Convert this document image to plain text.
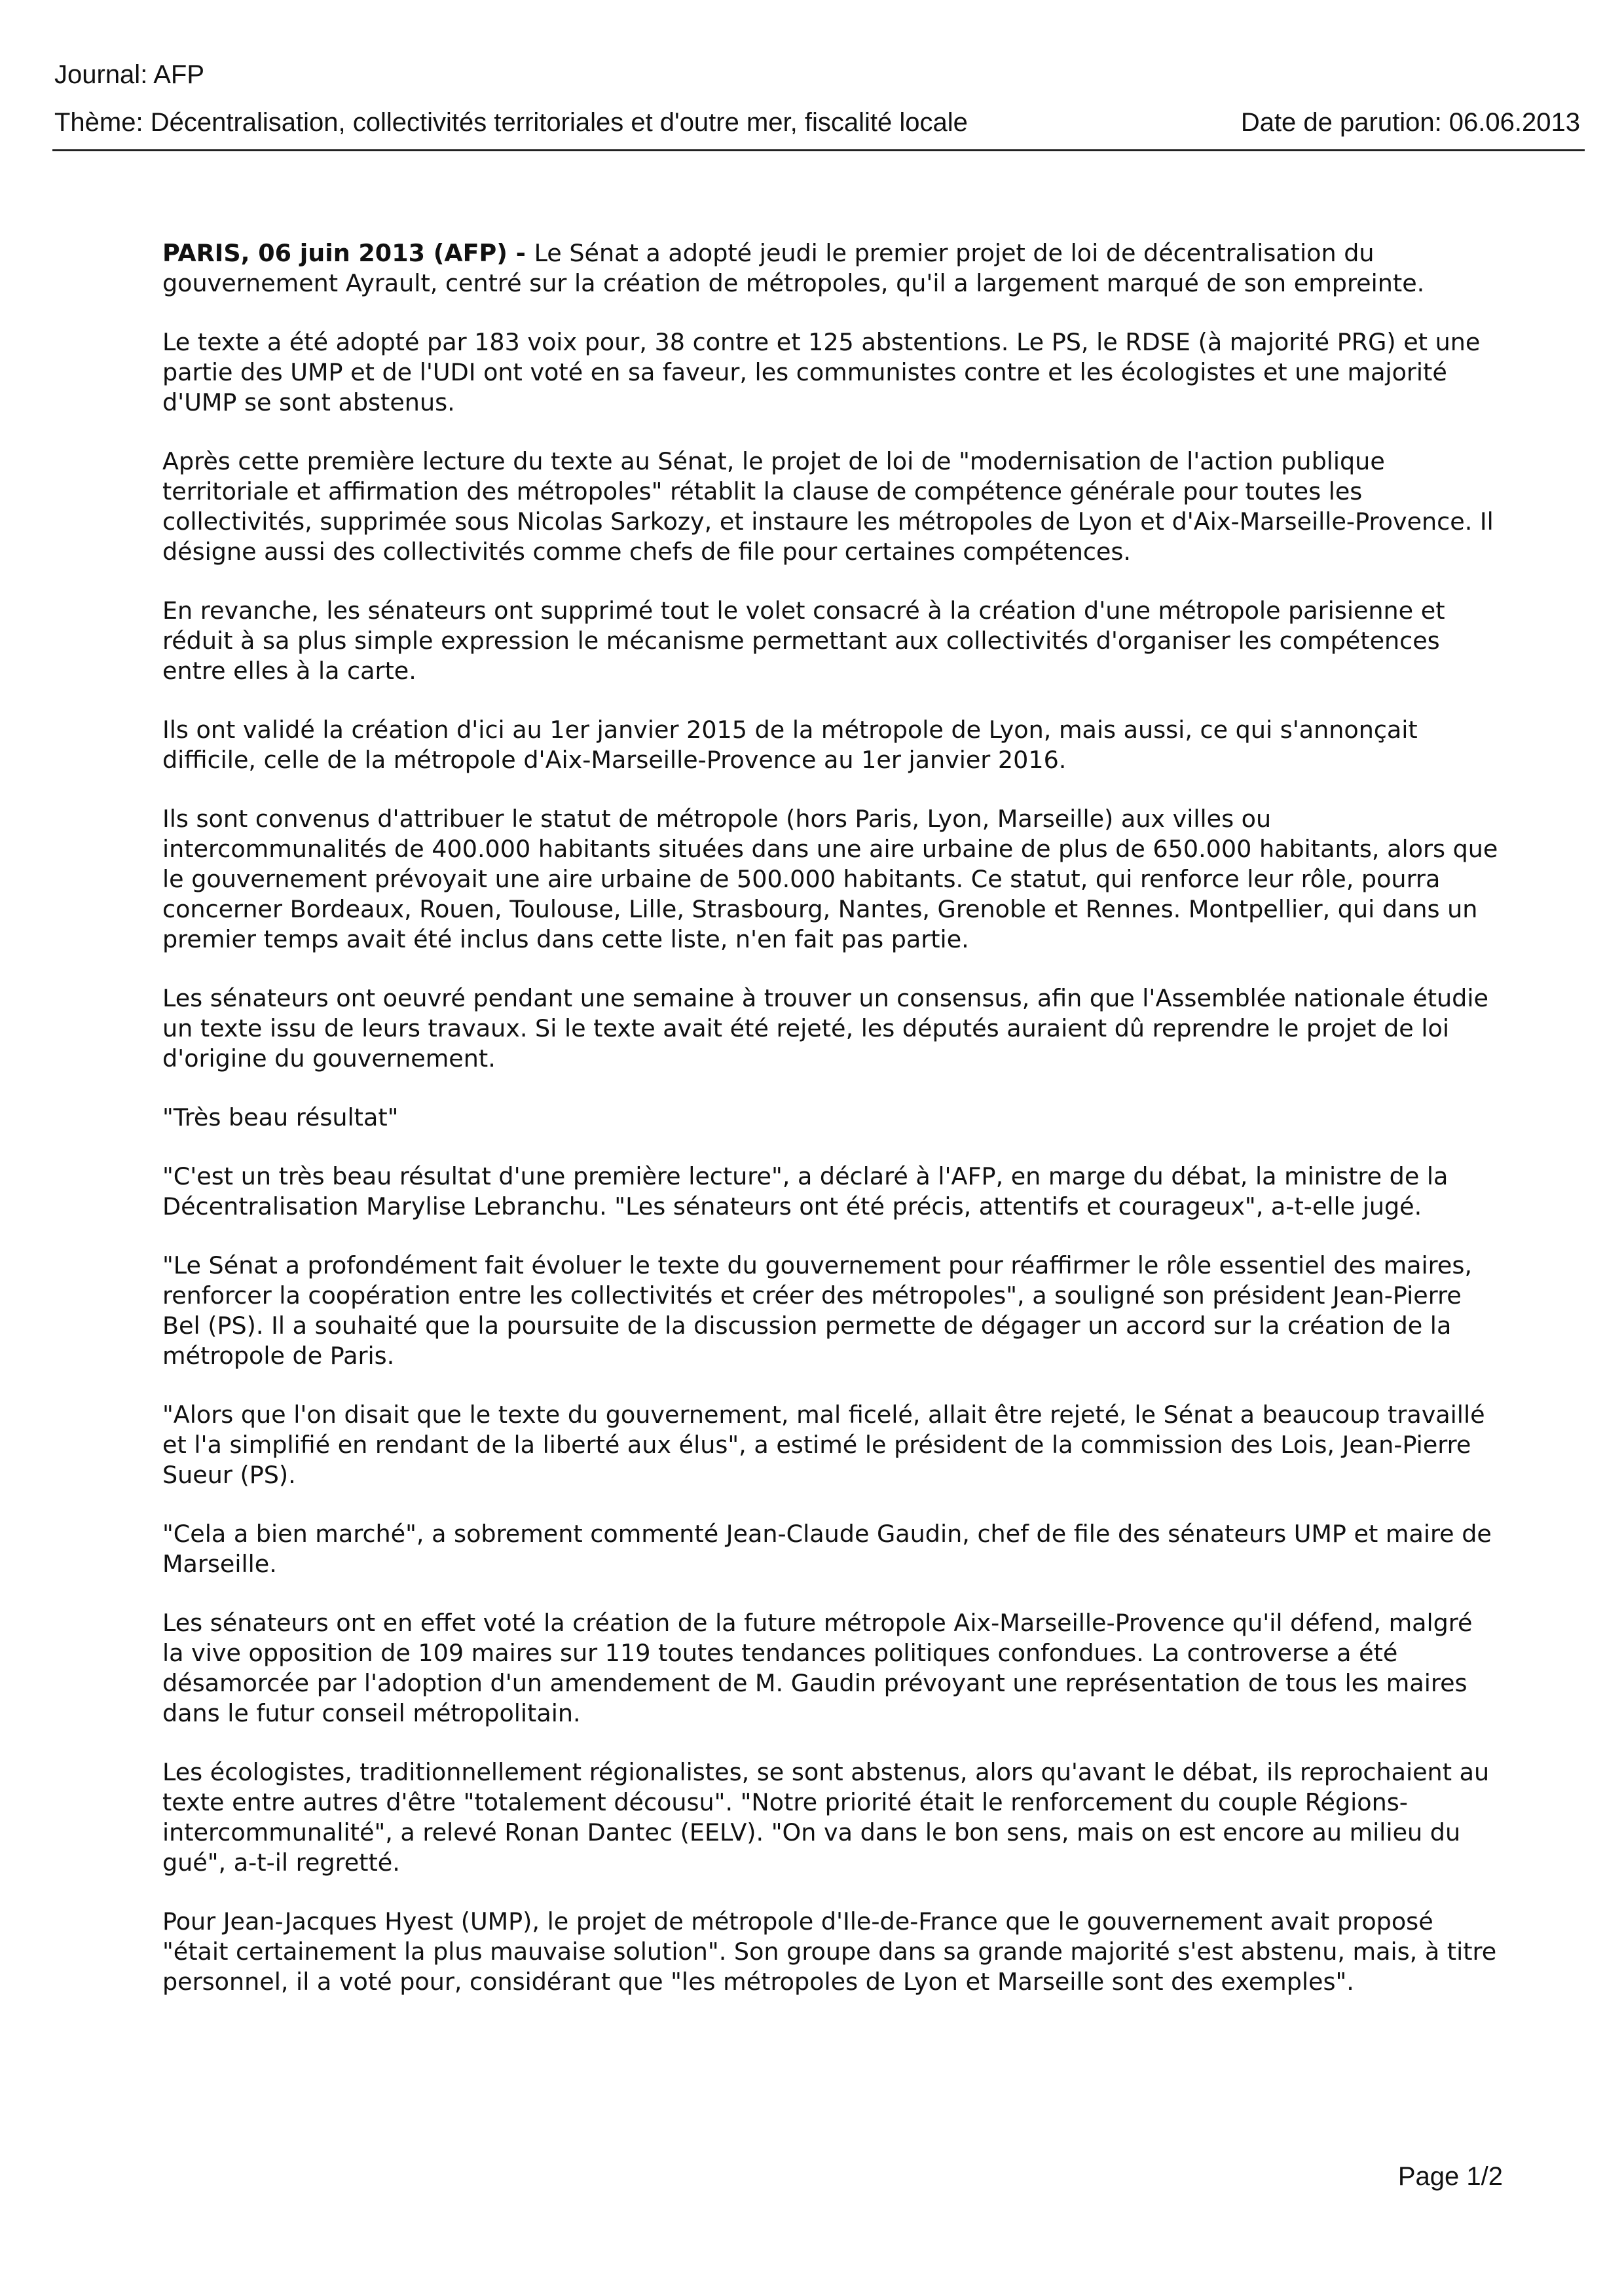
Journal: AFP
Thème: Décentralisation, collectivités territoriales et d'outre mer, fiscalité locale	Date de parution: 06.06.2013

PARIS, 06 juin 2013 (AFP) - Le Sénat a adopté jeudi le premier projet de loi de décentralisation du gouvernement Ayrault, centré sur la création de métropoles, qu'il a largement marqué de son empreinte.

Le texte a été adopté par 183 voix pour, 38 contre et 125 abstentions. Le PS, le RDSE (à majorité PRG) et une partie des UMP et de l'UDI ont voté en sa faveur, les communistes contre et les écologistes et une majorité d'UMP se sont abstenus.

Après cette première lecture du texte au Sénat, le projet de loi de "modernisation de l'action publique territoriale et affirmation des métropoles" rétablit la clause de compétence générale pour toutes les collectivités, supprimée sous Nicolas Sarkozy, et instaure les métropoles de Lyon et d'Aix-Marseille-Provence. Il désigne aussi des collectivités comme chefs de file pour certaines compétences.

En revanche, les sénateurs ont supprimé tout le volet consacré à la création d'une métropole parisienne et réduit à sa plus simple expression le mécanisme permettant aux collectivités d'organiser les compétences entre elles à la carte.

Ils ont validé la création d'ici au 1er janvier 2015 de la métropole de Lyon, mais aussi, ce qui s'annonçait difficile, celle de la métropole d'Aix-Marseille-Provence au 1er janvier 2016.

Ils sont convenus d'attribuer le statut de métropole (hors Paris, Lyon, Marseille) aux villes ou intercommunalités de 400.000 habitants situées dans une aire urbaine de plus de 650.000 habitants, alors que le gouvernement prévoyait une aire urbaine de 500.000 habitants. Ce statut, qui renforce leur rôle, pourra concerner Bordeaux, Rouen, Toulouse, Lille, Strasbourg, Nantes, Grenoble et Rennes. Montpellier, qui dans un premier temps avait été inclus dans cette liste, n'en fait pas partie.

Les sénateurs ont oeuvré pendant une semaine à trouver un consensus, afin que l'Assemblée nationale étudie un texte issu de leurs travaux. Si le texte avait été rejeté, les députés auraient dû reprendre le projet de loi d'origine du gouvernement.

"Très beau résultat"

"C'est un très beau résultat d'une première lecture", a déclaré à l'AFP, en marge du débat, la ministre de la Décentralisation Marylise Lebranchu. "Les sénateurs ont été précis, attentifs et courageux", a-t-elle jugé.

"Le Sénat a profondément fait évoluer le texte du gouvernement pour réaffirmer le rôle essentiel des maires, renforcer la coopération entre les collectivités et créer des métropoles", a souligné son président Jean-Pierre Bel (PS). Il a souhaité que la poursuite de la discussion permette de dégager un accord sur la création de la métropole de Paris.

"Alors que l'on disait que le texte du gouvernement, mal ficelé, allait être rejeté, le Sénat a beaucoup travaillé et l'a simplifié en rendant de la liberté aux élus", a estimé le président de la commission des Lois, Jean-Pierre Sueur (PS).

"Cela a bien marché", a sobrement commenté Jean-Claude Gaudin, chef de file des sénateurs UMP et maire de Marseille.

Les sénateurs ont en effet voté la création de la future métropole Aix-Marseille-Provence qu'il défend, malgré la vive opposition de 109 maires sur 119 toutes tendances politiques confondues. La controverse a été désamorcée par l'adoption d'un amendement de M. Gaudin prévoyant une représentation de tous les maires dans le futur conseil métropolitain.

Les écologistes, traditionnellement régionalistes, se sont abstenus, alors qu'avant le débat, ils reprochaient au texte entre autres d'être "totalement décousu". "Notre priorité était le renforcement du couple Régions-intercommunalité", a relevé Ronan Dantec (EELV). "On va dans le bon sens, mais on est encore au milieu du gué", a-t-il regretté.

Pour Jean-Jacques Hyest (UMP), le projet de métropole d'Ile-de-France que le gouvernement avait proposé "était certainement la plus mauvaise solution". Son groupe dans sa grande majorité s'est abstenu, mais, à titre personnel, il a voté pour, considérant que "les métropoles de Lyon et Marseille sont des exemples".

Page 1/2
